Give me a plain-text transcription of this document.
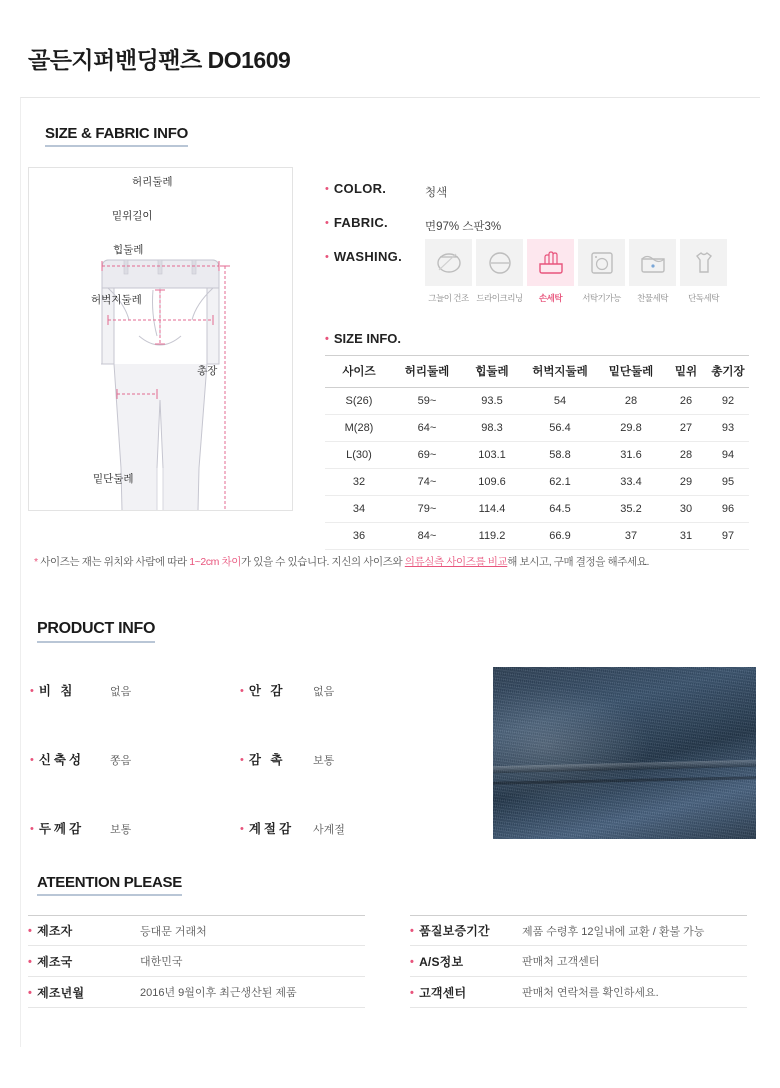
골든지퍼밴딩팬츠 DO1609
SIZE & FABRIC INFO
허리둘레
밑위길이
힙둘레
허벅지둘레
총장
밑단둘레
• COLOR.	청색
• FABRIC.	면97% 스판3%
• WASHING.
그늘이 건조 드라이크리닝	손세탁	서탁기가능	찬물세탁	단독세탁
• SIZE INFO.
사이즈	허리둘레	힙둘레	허벅지둘레	밑단둘레	밑위	총기장
S(26)	59~	93.5	54	28	26	92
M(28)	64~	98.3	56.4	29.8	27	93
L(30)	69~	103.1	58.8	31.6	28	94
32	74~	109.6	62.1	33.4	29	95
34	79~	114.4	64.5	35.2	30	96
36	84~	119.2	66.9	37	31	97
* 사이즈는 재는 위치와 사람에 따라 1~2cm 차이가 있을 수 있습니다. 지신의 사이즈와 의류실측 사이즈를 비교해 보시고, 구매 결정을 해주세요.
PRODUCT INFO
• 비 침	없음
• 신축성 쫑음
• 두께감 보통
• 안 감	없음
• 감 촉	보통
• 계절감 사계절
ATEENTION PLEASE
• 제조자	등대문 거래처
• 제조국	대한민국
• 제조년월	2016년 9월이후 최근생산된 제품
• 품질보증기간	제품 수령후 12일내에 교환 / 환불 가능
• A/S정보	판매처 고객센터
• 고객센터	판매처 연락처를 확인하세요.
